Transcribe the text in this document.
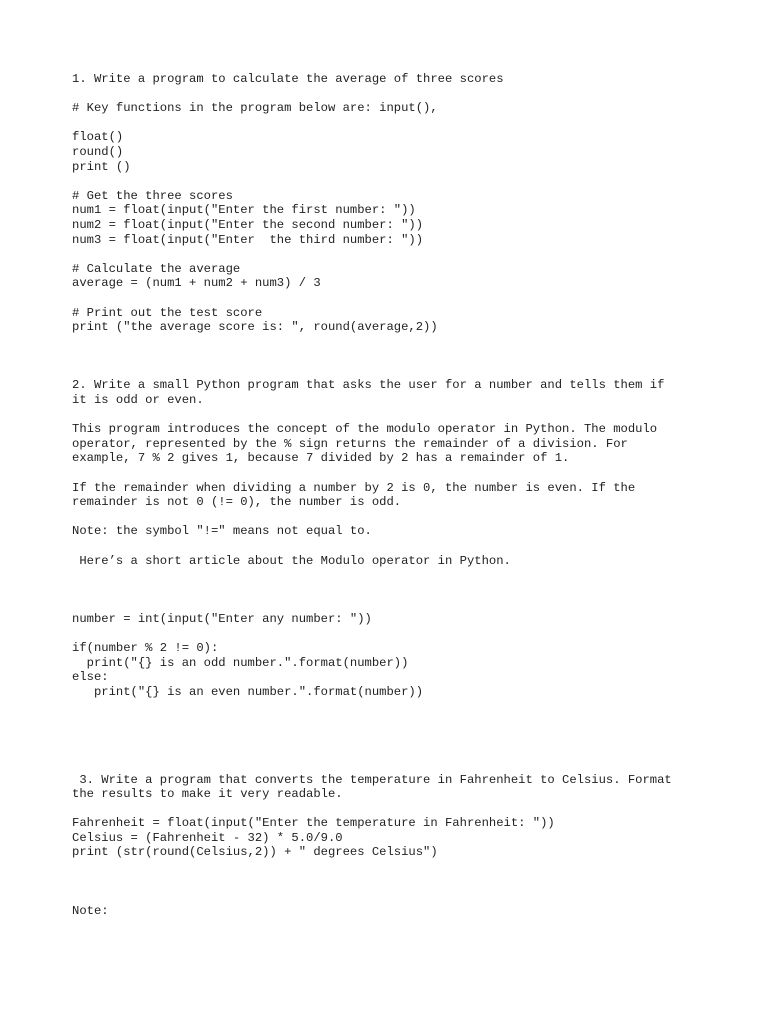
1. Write a program to calculate the average of three scores
# Key functions in the program below are: input(),
float()
round()
print ()
# Get the three scores
num1 = float(input("Enter the first number: "))
num2 = float(input("Enter the second number: "))
num3 = float(input("Enter  the third number: "))
# Calculate the average
average = (num1 + num2 + num3) / 3
# Print out the test score
print ("the average score is: ", round(average,2))
2. Write a small Python program that asks the user for a number and tells them if
it is odd or even.
This program introduces the concept of the modulo operator in Python. The modulo
operator, represented by the % sign returns the remainder of a division. For
example, 7 % 2 gives 1, because 7 divided by 2 has a remainder of 1.
If the remainder when dividing a number by 2 is 0, the number is even. If the
remainder is not 0 (!= 0), the number is odd.
Note: the symbol "!=" means not equal to.
Here’s a short article about the Modulo operator in Python.
number = int(input("Enter any number: "))
if(number % 2 != 0):
print("{} is an odd number.".format(number))
else:
print("{} is an even number.".format(number))
3. Write a program that converts the temperature in Fahrenheit to Celsius. Format
the results to make it very readable.
Fahrenheit = float(input("Enter the temperature in Fahrenheit: "))
Celsius = (Fahrenheit - 32) * 5.0/9.0
print (str(round(Celsius,2)) + " degrees Celsius")
Note:
